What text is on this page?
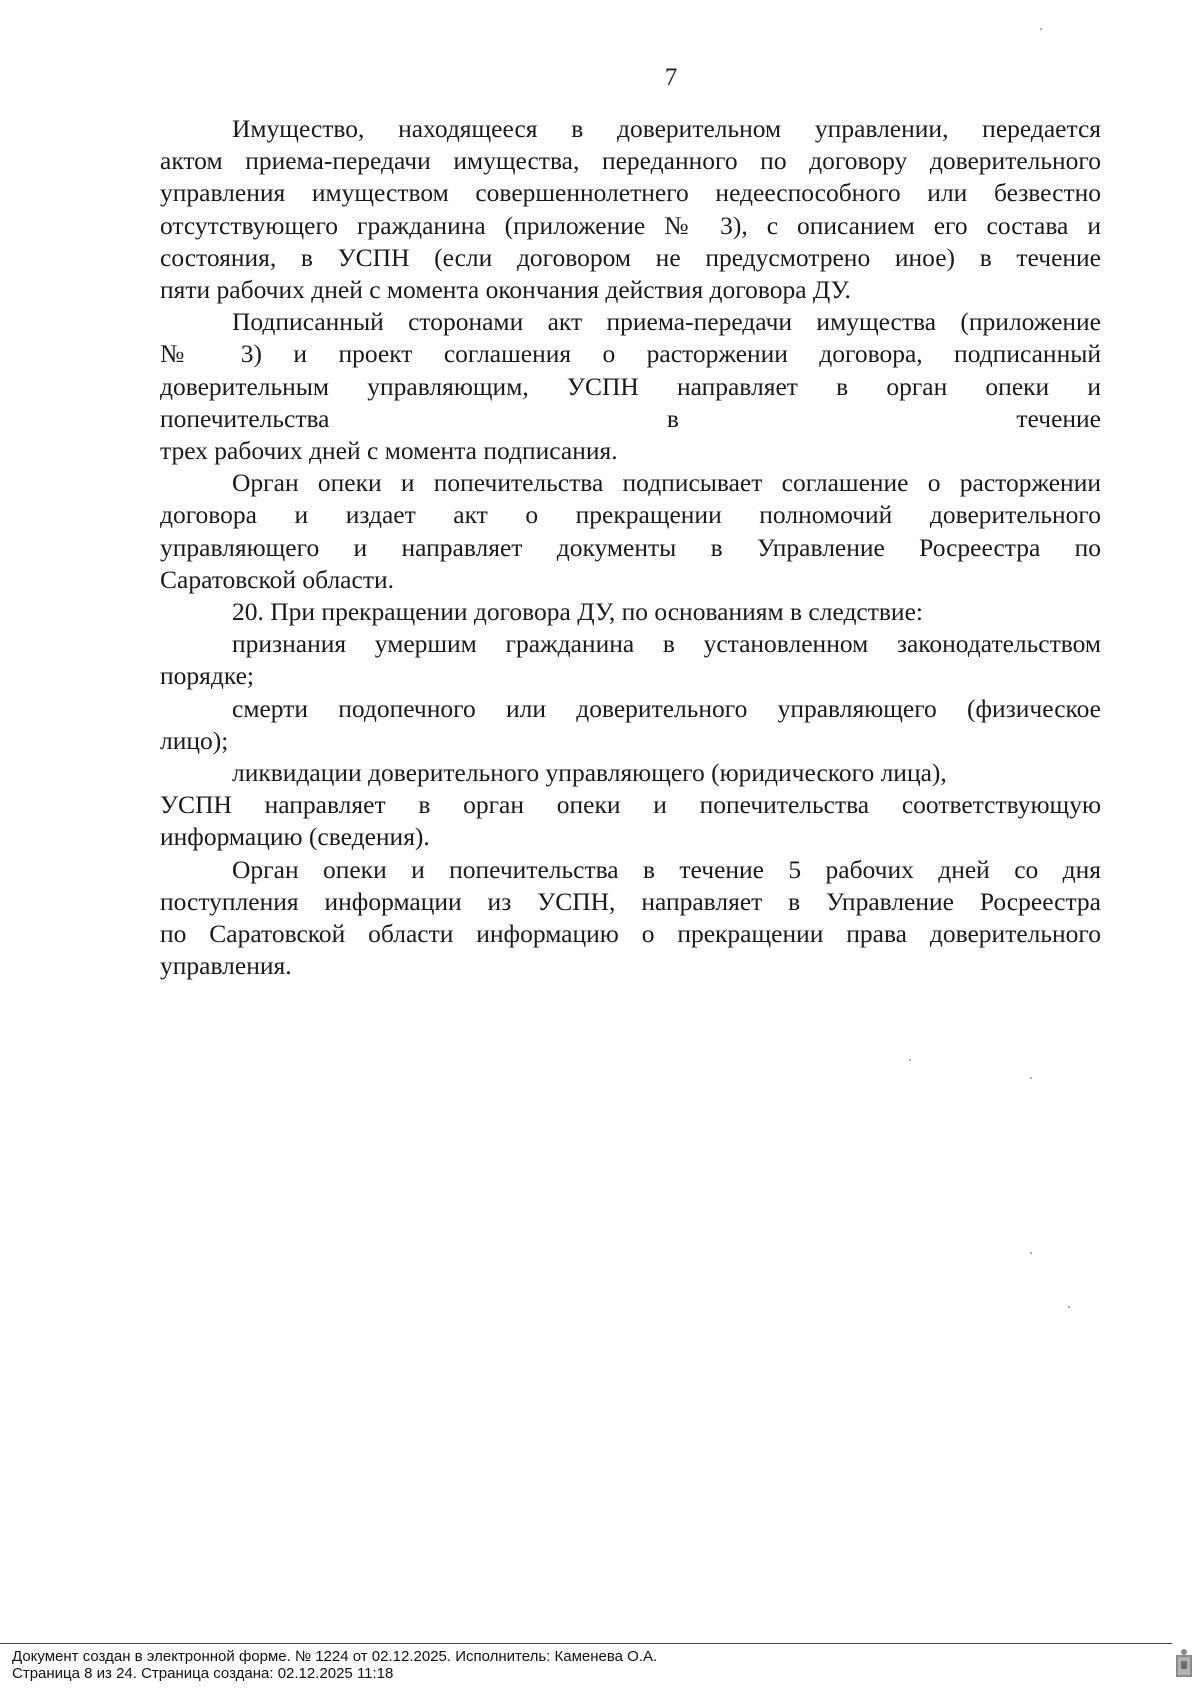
7
Имущество, находящееся в доверительном управлении, передается
актом приема-передачи имущества, переданного по договору доверительного
управления имуществом совершеннолетнего недееспособного или безвестно
отсутствующего гражданина (приложение № 3), с описанием его состава и
состояния, в УСПН (если договором не предусмотрено иное) в течение
пяти рабочих дней с момента окончания действия договора ДУ.
Подписанный сторонами акт приема-передачи имущества (приложение
№ 3) и проект соглашения о расторжении договора, подписанный
доверительным управляющим, УСПН направляет в орган опеки и
попечительства в течение
трех рабочих дней с момента подписания.
Орган опеки и попечительства подписывает соглашение о расторжении
договора и издает акт о прекращении полномочий доверительного
управляющего и направляет документы в Управление Росреестра по
Саратовской области.
20. При прекращении договора ДУ, по основаниям в следствие:
признания умершим гражданина в установленном законодательством
порядке;
смерти подопечного или доверительного управляющего (физическое
лицо);
ликвидации доверительного управляющего (юридического лица),
УСПН направляет в орган опеки и попечительства соответствующую
информацию (сведения).
Орган опеки и попечительства в течение 5 рабочих дней со дня
поступления информации из УСПН, направляет в Управление Росреестра
по Саратовской области информацию о прекращении права доверительного
управления.
Документ создан в электронной форме. № 1224 от 02.12.2025. Исполнитель: Каменева О.А.
Страница 8 из 24. Страница создана: 02.12.2025 11:18
